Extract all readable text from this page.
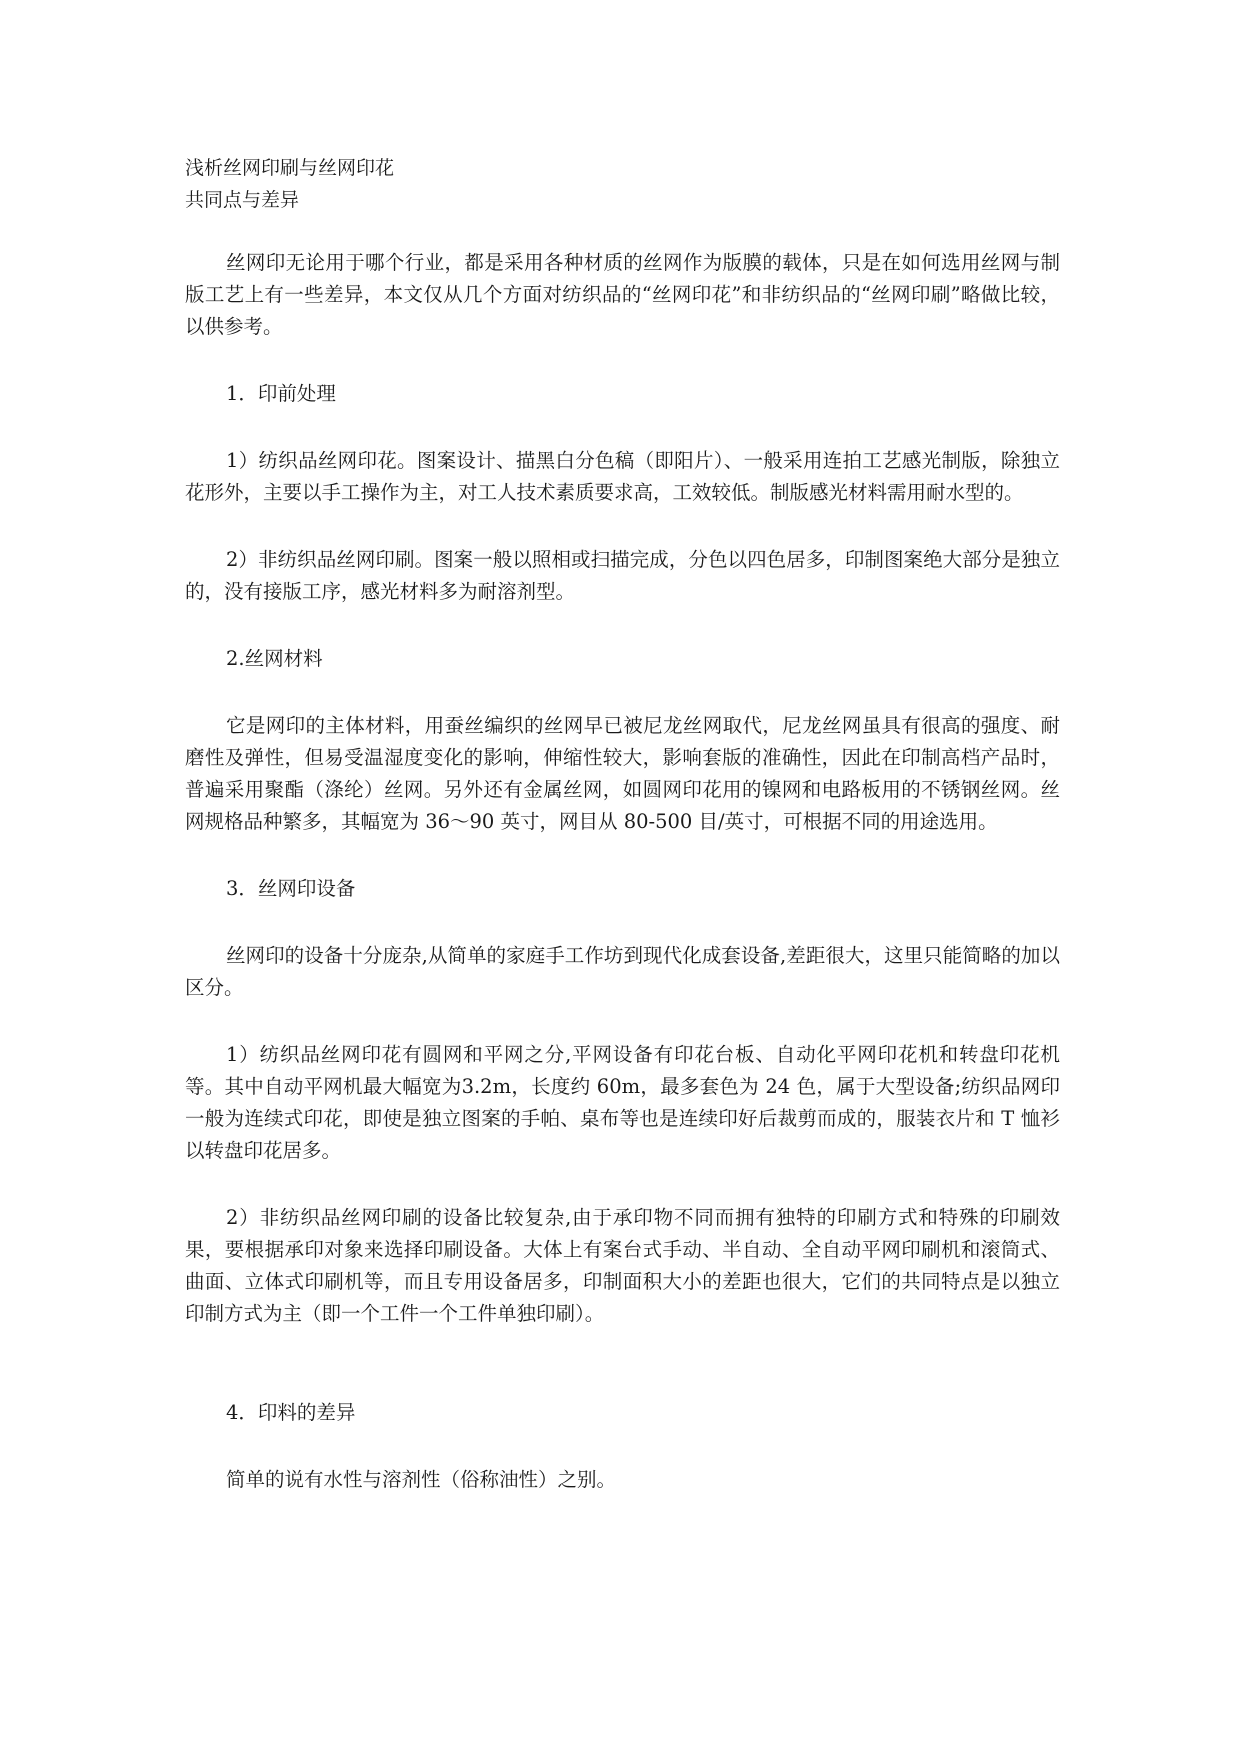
浅析丝网印刷与丝网印花
共同点与差异

丝网印无论用于哪个行业，都是采用各种材质的丝网作为版膜的载体，只是在如何选用丝网与制版工艺上有一些差异，本文仅从几个方面对纺织品的“丝网印花”和非纺织品的“丝网印刷”略做比较，以供参考。

1．印前处理

1）纺织品丝网印花。图案设计、描黑白分色稿（即阳片）、一般采用连拍工艺感光制版，除独立花形外，主要以手工操作为主，对工人技术素质要求高，工效较低。制版感光材料需用耐水型的。

2）非纺织品丝网印刷。图案一般以照相或扫描完成，分色以四色居多，印制图案绝大部分是独立的，没有接版工序，感光材料多为耐溶剂型。

2.丝网材料

它是网印的主体材料，用蚕丝编织的丝网早已被尼龙丝网取代，尼龙丝网虽具有很高的强度、耐磨性及弹性，但易受温湿度变化的影响，伸缩性较大，影响套版的准确性，因此在印制高档产品时，普遍采用聚酯（涤纶）丝网。另外还有金属丝网，如圆网印花用的镍网和电路板用的不锈钢丝网。丝网规格品种繁多，其幅宽为 36～90 英寸，网目从 80-500 目/英寸，可根据不同的用途选用。

3．丝网印设备

丝网印的设备十分庞杂,从简单的家庭手工作坊到现代化成套设备,差距很大，这里只能简略的加以区分。

1）纺织品丝网印花有圆网和平网之分,平网设备有印花台板、自动化平网印花机和转盘印花机等。其中自动平网机最大幅宽为3.2m，长度约 60m，最多套色为 24 色，属于大型设备;纺织品网印一般为连续式印花，即使是独立图案的手帕、桌布等也是连续印好后裁剪而成的，服装衣片和 T 恤衫以转盘印花居多。

2）非纺织品丝网印刷的设备比较复杂,由于承印物不同而拥有独特的印刷方式和特殊的印刷效果，要根据承印对象来选择印刷设备。大体上有案台式手动、半自动、全自动平网印刷机和滚筒式、曲面、立体式印刷机等，而且专用设备居多，印制面积大小的差距也很大，它们的共同特点是以独立印制方式为主（即一个工件一个工件单独印刷）。

4．印料的差异

简单的说有水性与溶剂性（俗称油性）之别。
